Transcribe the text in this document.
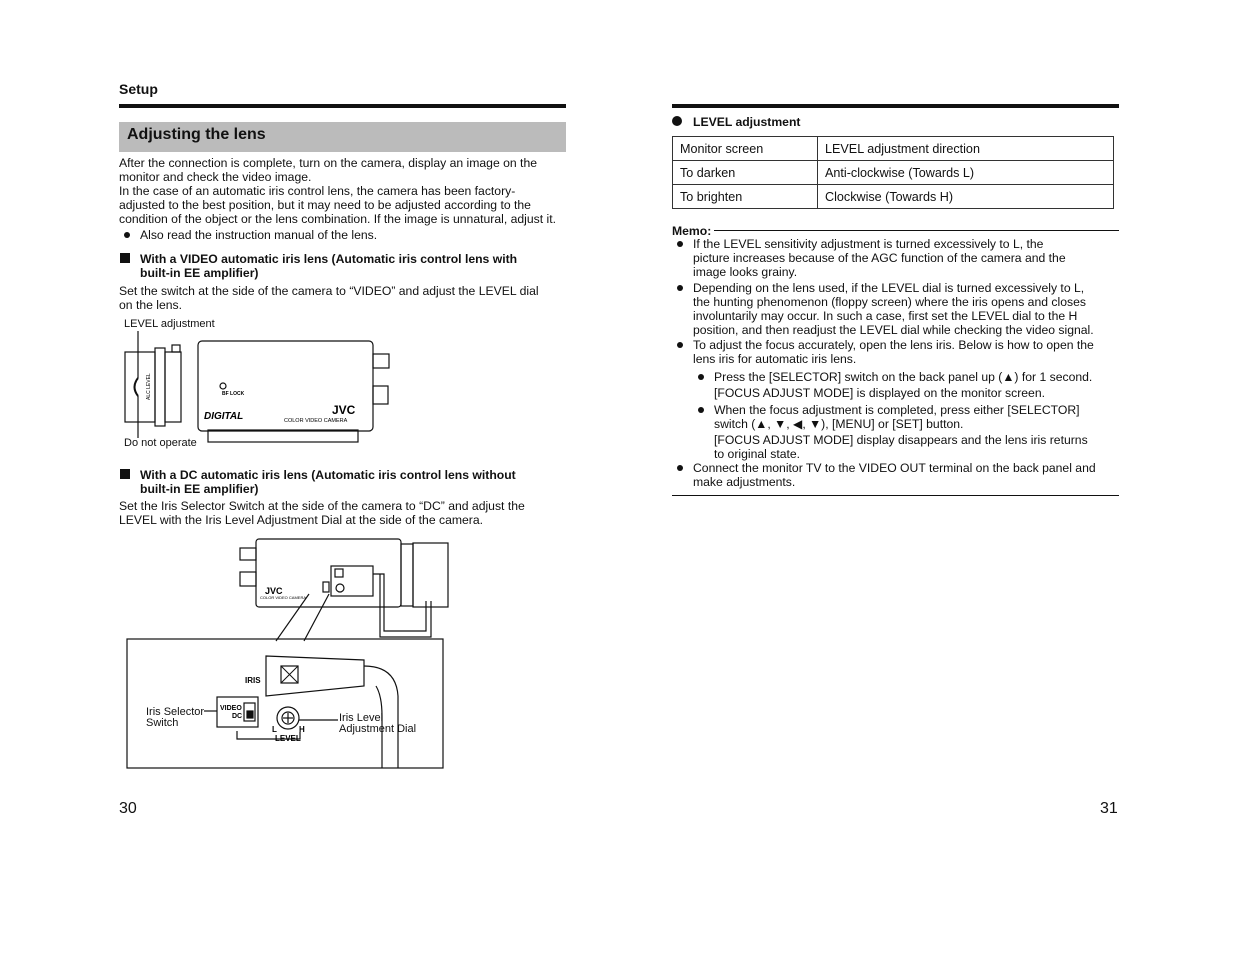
Setup
Adjusting the lens
After the connection is complete, turn on the camera, display an image on the
monitor and check the video image.
In the case of an automatic iris control lens, the camera has been factory-
adjusted to the best position, but it may need to be adjusted according to the
condition of the object or the lens combination. If the image is unnatural, adjust it.
Also read the instruction manual of the lens.
With a VIDEO automatic iris lens (Automatic iris control lens with
built-in EE amplifier)
Set the switch at the side of the camera to “VIDEO” and adjust the LEVEL dial
on the lens.
LEVEL adjustment
Do not operate
BF LOCK
DIGITAL	JVC
COLOR VIDEO CAMERA
ALC LEVEL
With a DC automatic iris lens (Automatic iris control lens without
built-in EE amplifier)
Set the Iris Selector Switch at the side of the camera to “DC” and adjust the
LEVEL with the Iris Level Adjustment Dial at the side of the camera.
JVC
COLOR VIDEO CAMERA
IRIS
VIDEO
DC
L	H
LEVEL
Iris Selector
Switch	Iris Level
Adjustment Dial
30
LEVEL adjustment
Monitor screen	LEVEL adjustment direction
To darken	Anti-clockwise (Towards L)
To brighten	Clockwise (Towards H)
Memo:
If the LEVEL sensitivity adjustment is turned excessively to L, the
picture increases because of the AGC function of the camera and the
image looks grainy.
Depending on the lens used, if the LEVEL dial is turned excessively to L,
the hunting phenomenon (floppy screen) where the iris opens and closes
involuntarily may occur. In such a case, first set the LEVEL dial to the H
position, and then readjust the LEVEL dial while checking the video signal.
To adjust the focus accurately, open the lens iris. Below is how to open the
lens iris for automatic iris lens.
Press the [SELECTOR] switch on the back panel up (▲) for 1 second.
[FOCUS ADJUST MODE] is displayed on the monitor screen.
When the focus adjustment is completed, press either [SELECTOR]
switch (▲, ▼, ◀, ▼), [MENU] or [SET] button.
[FOCUS ADJUST MODE] display disappears and the lens iris returns
to original state.
Connect the monitor TV to the VIDEO OUT terminal on the back panel and
make adjustments.
31
